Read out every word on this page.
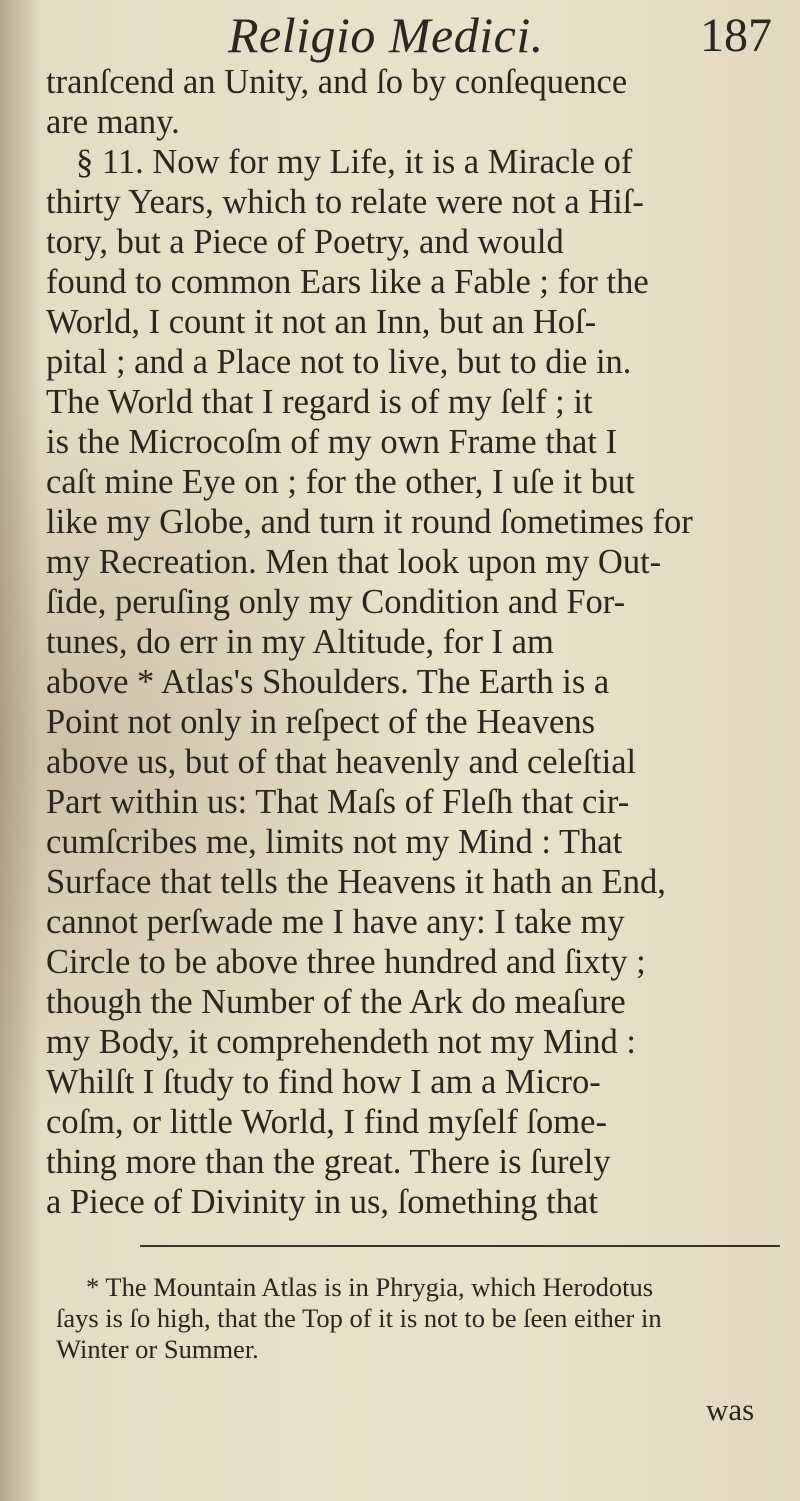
Religio Medici.	187
tranſcend an Unity, and ſo by conſequence
are many.
§ 11. Now for my Life, it is a Miracle of
thirty Years, which to relate were not a Hiſ-
tory, but a Piece of Poetry, and would
found to common Ears like a Fable ; for the
World, I count it not an Inn, but an Hoſ-
pital ; and a Place not to live, but to die in.
The World that I regard is of my ſelf ; it
is the Microcoſm of my own Frame that I
caſt mine Eye on ; for the other, I uſe it but
like my Globe, and turn it round ſometimes for
my Recreation. Men that look upon my Out-
ſide, peruſing only my Condition and For-
tunes, do err in my Altitude, for I am
above * Atlas's Shoulders. The Earth is a
Point not only in reſpect of the Heavens
above us, but of that heavenly and celeſtial
Part within us: That Maſs of Fleſh that cir-
cumſcribes me, limits not my Mind : That
Surface that tells the Heavens it hath an End,
cannot perſwade me I have any: I take my
Circle to be above three hundred and ſixty ;
though the Number of the Ark do meaſure
my Body, it comprehendeth not my Mind :
Whilſt I ſtudy to find how I am a Micro-
coſm, or little World, I find myſelf ſome-
thing more than the great. There is ſurely
a Piece of Divinity in us, ſomething that
* The Mountain Atlas is in Phrygia, which Herodotus
ſays is ſo high, that the Top of it is not to be ſeen either in
Winter or Summer.
was
